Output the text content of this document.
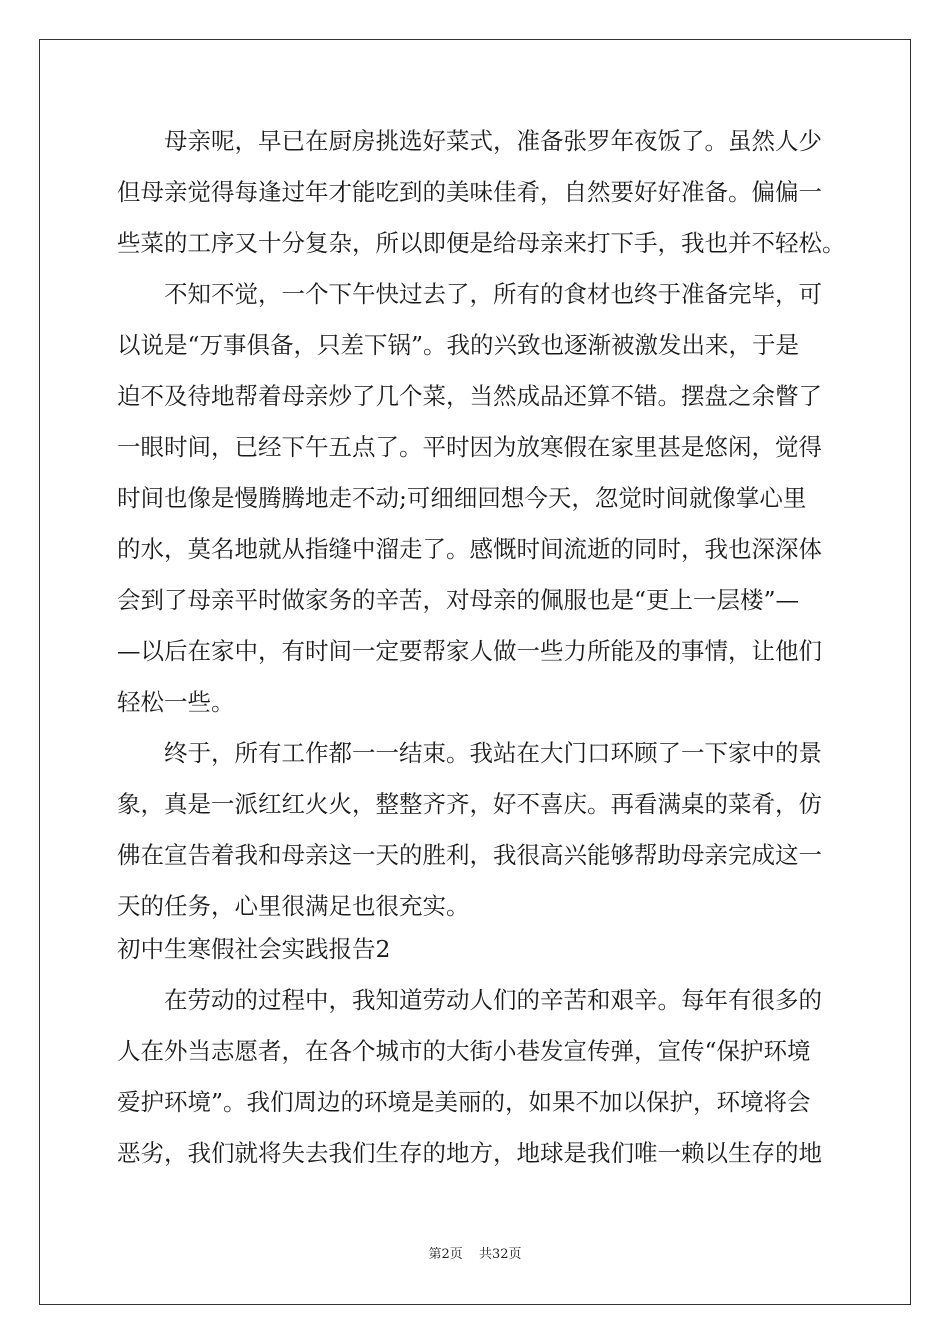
母亲呢，早已在厨房挑选好菜式，准备张罗年夜饭了。虽然人少
但母亲觉得每逢过年才能吃到的美味佳肴，自然要好好准备。偏偏一
些菜的工序又十分复杂，所以即便是给母亲来打下手，我也并不轻松。
不知不觉，一个下午快过去了，所有的食材也终于准备完毕，可
以说是“万事俱备，只差下锅”。我的兴致也逐渐被激发出来，于是
迫不及待地帮着母亲炒了几个菜，当然成品还算不错。摆盘之余瞥了
一眼时间，已经下午五点了。平时因为放寒假在家里甚是悠闲，觉得
时间也像是慢腾腾地走不动;可细细回想今天，忽觉时间就像掌心里
的水，莫名地就从指缝中溜走了。感慨时间流逝的同时，我也深深体
会到了母亲平时做家务的辛苦，对母亲的佩服也是“更上一层楼”—
—以后在家中，有时间一定要帮家人做一些力所能及的事情，让他们
轻松一些。
终于，所有工作都一一结束。我站在大门口环顾了一下家中的景
象，真是一派红红火火，整整齐齐，好不喜庆。再看满桌的菜肴，仿
佛在宣告着我和母亲这一天的胜利，我很高兴能够帮助母亲完成这一
天的任务，心里很满足也很充实。
初中生寒假社会实践报告2
在劳动的过程中，我知道劳动人们的辛苦和艰辛。每年有很多的
人在外当志愿者，在各个城市的大街小巷发宣传弹，宣传“保护环境
爱护环境”。我们周边的环境是美丽的，如果不加以保护，环境将会
恶劣，我们就将失去我们生存的地方，地球是我们唯一赖以生存的地
第2页 共32页
